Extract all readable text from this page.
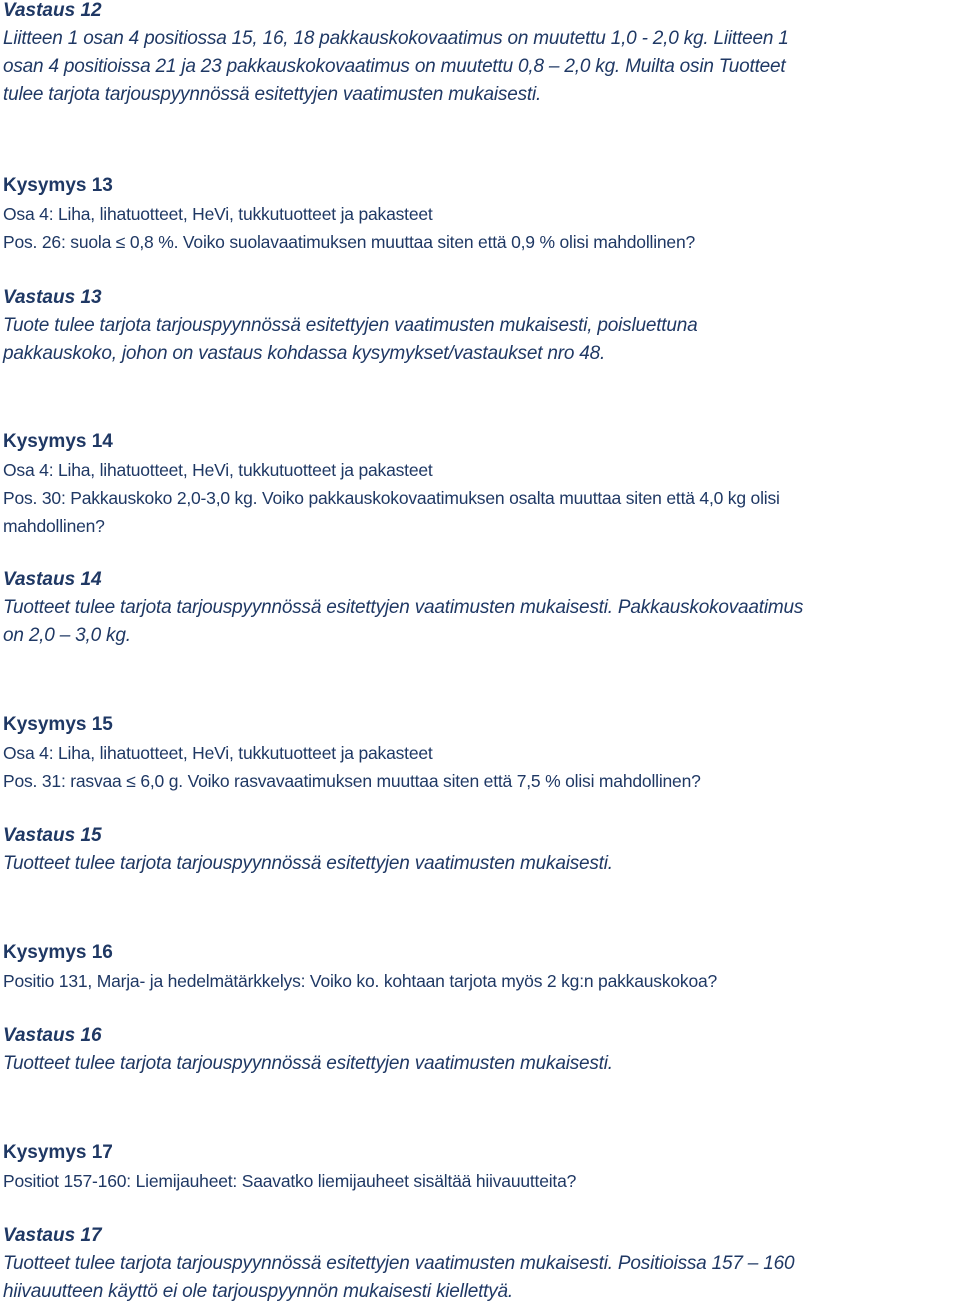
Vastaus 12
Liitteen 1 osan 4 positiossa 15, 16, 18 pakkauskokovaatimus on muutettu 1,0 - 2,0 kg. Liitteen 1
osan 4 positioissa 21 ja 23 pakkauskokovaatimus on muutettu 0,8 – 2,0 kg. Muilta osin Tuotteet
tulee tarjota tarjouspyynnössä esitettyjen vaatimusten mukaisesti.
Kysymys 13
Osa 4: Liha, lihatuotteet, HeVi, tukkutuotteet ja pakasteet
Pos. 26: suola ≤ 0,8 %. Voiko suolavaatimuksen muuttaa siten että 0,9 % olisi mahdollinen?
Vastaus 13
Tuote tulee tarjota tarjouspyynnössä esitettyjen vaatimusten mukaisesti, poisluettuna
pakkauskoko, johon on vastaus kohdassa kysymykset/vastaukset nro 48.
Kysymys 14
Osa 4: Liha, lihatuotteet, HeVi, tukkutuotteet ja pakasteet
Pos. 30: Pakkauskoko 2,0-3,0 kg. Voiko pakkauskokovaatimuksen osalta muuttaa siten että 4,0 kg olisi
mahdollinen?
Vastaus 14
Tuotteet tulee tarjota tarjouspyynnössä esitettyjen vaatimusten mukaisesti. Pakkauskokovaatimus
on 2,0 – 3,0 kg.
Kysymys 15
Osa 4: Liha, lihatuotteet, HeVi, tukkutuotteet ja pakasteet
Pos. 31: rasvaa ≤ 6,0 g. Voiko rasvavaatimuksen muuttaa siten että 7,5 % olisi mahdollinen?
Vastaus 15
Tuotteet tulee tarjota tarjouspyynnössä esitettyjen vaatimusten mukaisesti.
Kysymys 16
Positio 131, Marja- ja hedelmätärkkelys: Voiko ko. kohtaan tarjota myös 2 kg:n pakkauskokoa?
Vastaus 16
Tuotteet tulee tarjota tarjouspyynnössä esitettyjen vaatimusten mukaisesti.
Kysymys 17
Positiot 157-160: Liemijauheet: Saavatko liemijauheet sisältää hiivauutteita?
Vastaus 17
Tuotteet tulee tarjota tarjouspyynnössä esitettyjen vaatimusten mukaisesti. Positioissa 157 – 160
hiivauutteen käyttö ei ole tarjouspyynnön mukaisesti kiellettyä.
